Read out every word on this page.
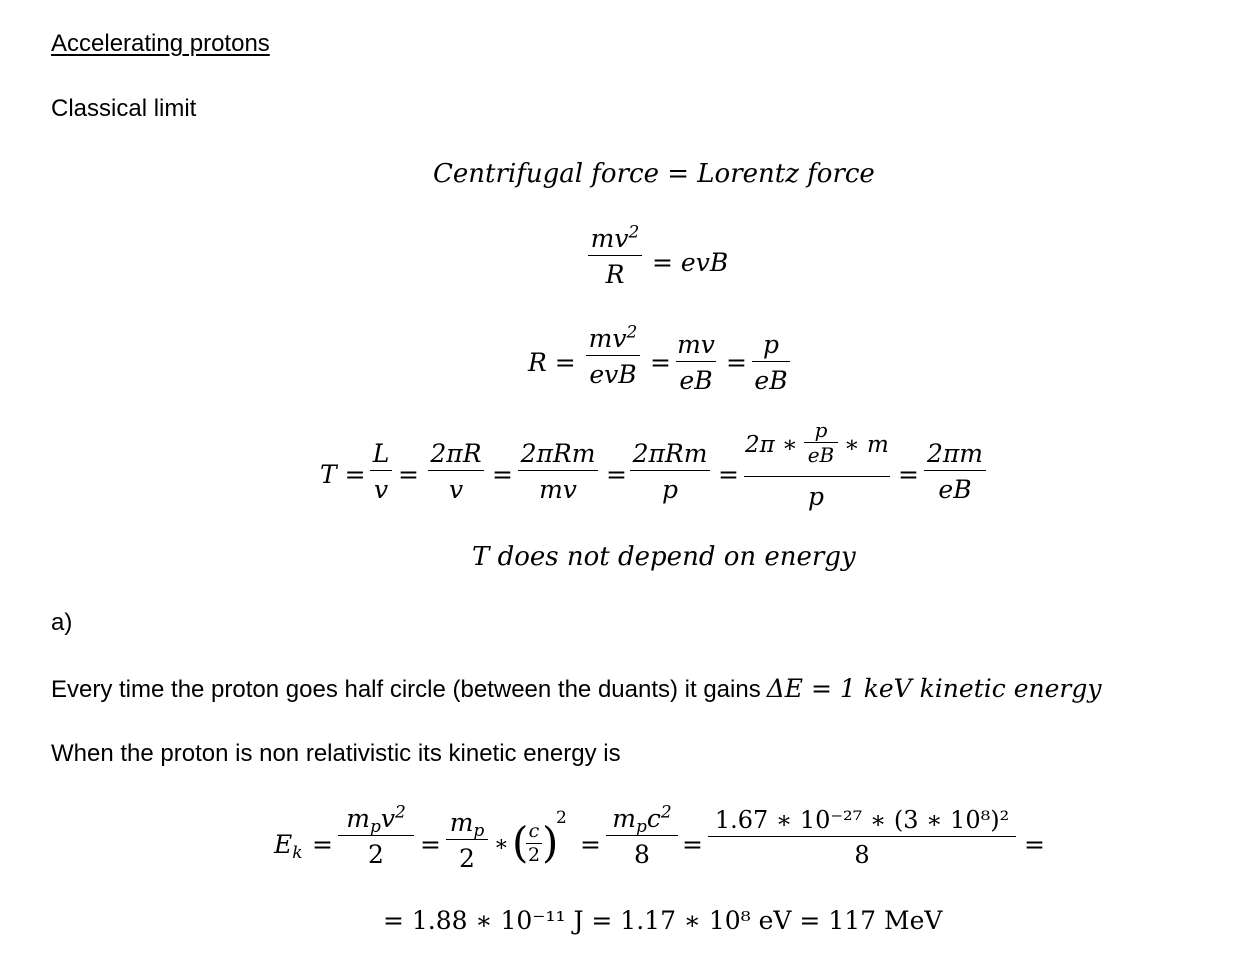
Accelerating protons
Classical limit
Centrifugal force = Lorentz force
$mv^2$
R	= evB
R =
$mv^2$
evB =
mv
eB
=
p
eB
T =
L
v
=
2πR
v
=
2πRm
mv
=
2πRm
p
=
2π ∗
p
eB ∗ m
p
=
2πm
eB
T does not depend on energy
a)
Every time the proton goes half circle (between the duants) it gains ΔE = 1 keV kinetic energy
When the proton is non relativistic its kinetic energy is
$E_k$ =
$m_pv^2$
2	=
$m_p$
2 ∗ ( c
2 )
2
=
$m_pc^2$
8	=
1.67 ∗ 10⁻²⁷ ∗ (3 ∗ 10⁸)²
8	=
= 1.88 ∗ 10⁻¹¹ J = 1.17 ∗ 10⁸ eV = 117 MeV
